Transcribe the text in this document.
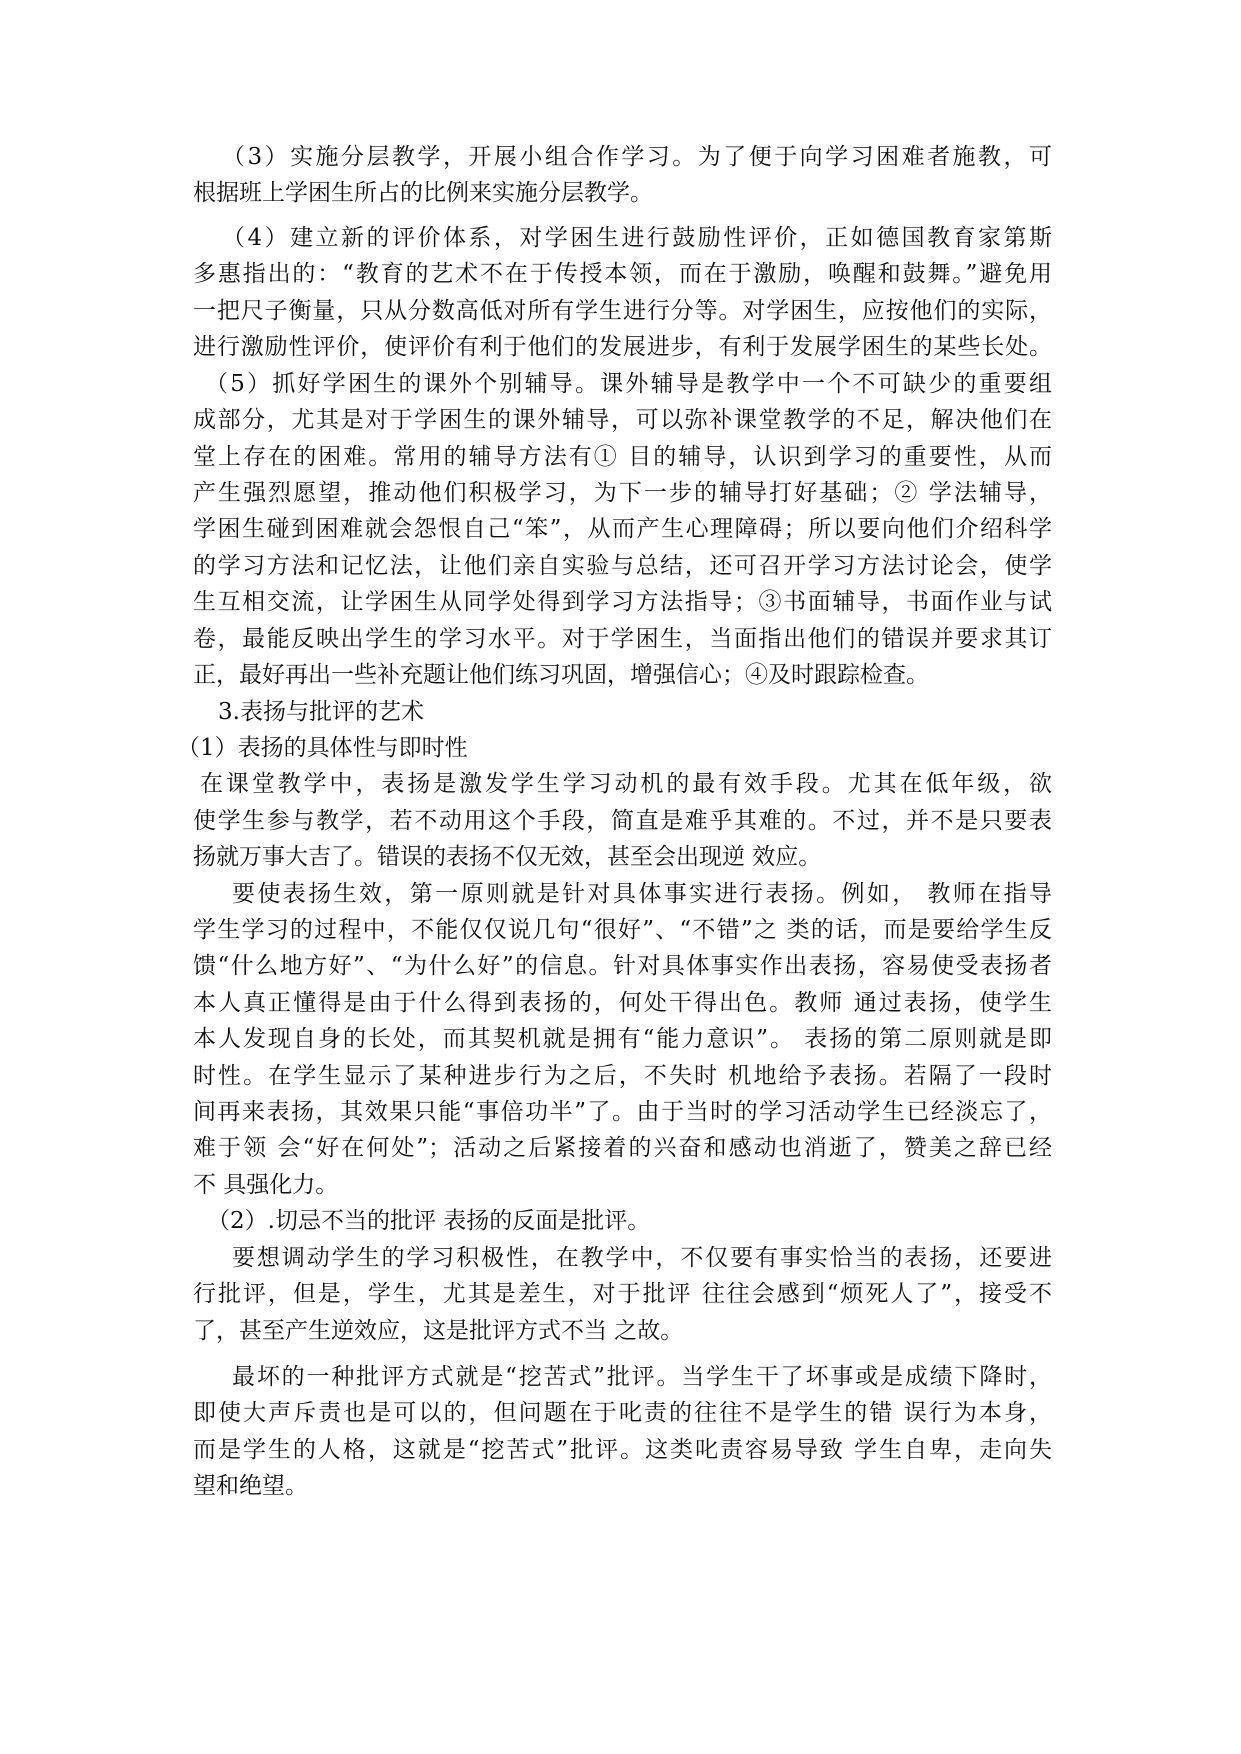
（3）实施分层教学，开展小组合作学习。为了便于向学习困难者施教，可
根据班上学困生所占的比例来实施分层教学。
（4）建立新的评价体系，对学困生进行鼓励性评价，正如德国教育家第斯
多惠指出的：“教育的艺术不在于传授本领，而在于激励，唤醒和鼓舞。”避免用
一把尺子衡量，只从分数高低对所有学生进行分等。对学困生，应按他们的实际，
进行激励性评价，使评价有利于他们的发展进步，有利于发展学困生的某些长处。
（5）抓好学困生的课外个别辅导。课外辅导是教学中一个不可缺少的重要组
成部分，尤其是对于学困生的课外辅导，可以弥补课堂教学的不足，解决他们在
堂上存在的困难。常用的辅导方法有① 目的辅导，认识到学习的重要性，从而
产生强烈愿望，推动他们积极学习，为下一步的辅导打好基础；② 学法辅导，
学困生碰到困难就会怨恨自己“笨”，从而产生心理障碍；所以要向他们介绍科学
的学习方法和记忆法，让他们亲自实验与总结，还可召开学习方法讨论会，使学
生互相交流，让学困生从同学处得到学习方法指导；③书面辅导，书面作业与试
卷，最能反映出学生的学习水平。对于学困生，当面指出他们的错误并要求其订
正，最好再出一些补充题让他们练习巩固，增强信心；④及时跟踪检查。
3.表扬与批评的艺术
（1）表扬的具体性与即时性
在课堂教学中，表扬是激发学生学习动机的最有效手段。尤其在低年级，欲
使学生参与教学，若不动用这个手段，简直是难乎其难的。不过，并不是只要表
扬就万事大吉了。错误的表扬不仅无效，甚至会出现逆 效应。
要使表扬生效，第一原则就是针对具体事实进行表扬。例如， 教师在指导
学生学习的过程中，不能仅仅说几句“很好”、“不错”之 类的话，而是要给学生反
馈“什么地方好”、“为什么好”的信息。针对具体事实作出表扬，容易使受表扬者
本人真正懂得是由于什么得到表扬的，何处干得出色。教师 通过表扬，使学生
本人发现自身的长处，而其契机就是拥有“能力意识”。 表扬的第二原则就是即
时性。在学生显示了某种进步行为之后，不失时 机地给予表扬。若隔了一段时
间再来表扬，其效果只能“事倍功半”了。由于当时的学习活动学生已经淡忘了，
难于领 会“好在何处”；活动之后紧接着的兴奋和感动也消逝了，赞美之辞已经
不 具强化力。
（2）.切忌不当的批评 表扬的反面是批评。
要想调动学生的学习积极性，在教学中，不仅要有事实恰当的表扬，还要进
行批评，但是，学生，尤其是差生，对于批评 往往会感到“烦死人了”，接受不
了，甚至产生逆效应，这是批评方式不当 之故。
最坏的一种批评方式就是“挖苦式”批评。当学生干了坏事或是成绩下降时，
即使大声斥责也是可以的，但问题在于叱责的往往不是学生的错 误行为本身，
而是学生的人格，这就是“挖苦式”批评。这类叱责容易导致 学生自卑，走向失
望和绝望。
